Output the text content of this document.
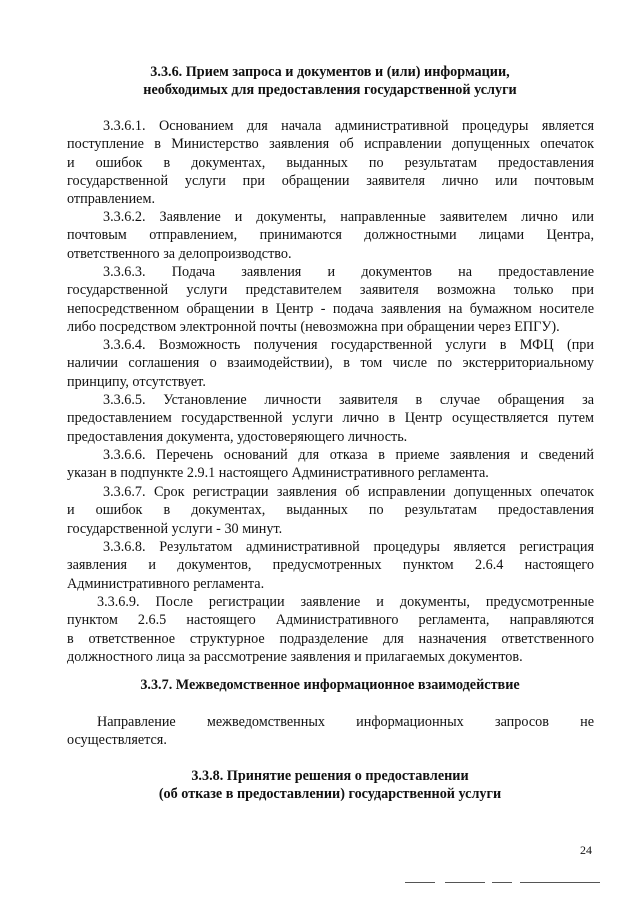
3.3.6. Прием запроса и документов и (или) информации,
необходимых для предоставления государственной услуги
3.3.6.1. Основанием для начала административной процедуры является
поступление в Министерство заявления об исправлении допущенных опечаток
и ошибок в документах, выданных по результатам предоставления
государственной услуги при обращении заявителя лично или почтовым
отправлением.
3.3.6.2. Заявление и документы, направленные заявителем лично или
почтовым отправлением, принимаются должностными лицами Центра,
ответственного за делопроизводство.
3.3.6.3. Подача заявления и документов на предоставление
государственной услуги представителем заявителя возможна только при
непосредственном обращении в Центр - подача заявления на бумажном носителе
либо посредством электронной почты (невозможна при обращении через ЕПГУ).
3.3.6.4. Возможность получения государственной услуги в МФЦ (при
наличии соглашения о взаимодействии), в том числе по экстерриториальному
принципу, отсутствует.
3.3.6.5. Установление личности заявителя в случае обращения за
предоставлением государственной услуги лично в Центр осуществляется путем
предоставления документа, удостоверяющего личность.
3.3.6.6. Перечень оснований для отказа в приеме заявления и сведений
указан в подпункте 2.9.1 настоящего Административного регламента.
3.3.6.7. Срок регистрации заявления об исправлении допущенных опечаток
и ошибок в документах, выданных по результатам предоставления
государственной услуги - 30 минут.
3.3.6.8. Результатом административной процедуры является регистрация
заявления и документов, предусмотренных пунктом 2.6.4 настоящего
Административного регламента.
3.3.6.9. После регистрации заявление и документы, предусмотренные
пунктом 2.6.5 настоящего Административного регламента, направляются
в ответственное структурное подразделение для назначения ответственного
должностного лица за рассмотрение заявления и прилагаемых документов.
3.3.7. Межведомственное информационное взаимодействие
Направление межведомственных информационных запросов не
осуществляется.
3.3.8. Принятие решения о предоставлении
(об отказе в предоставлении) государственной услуги
24
